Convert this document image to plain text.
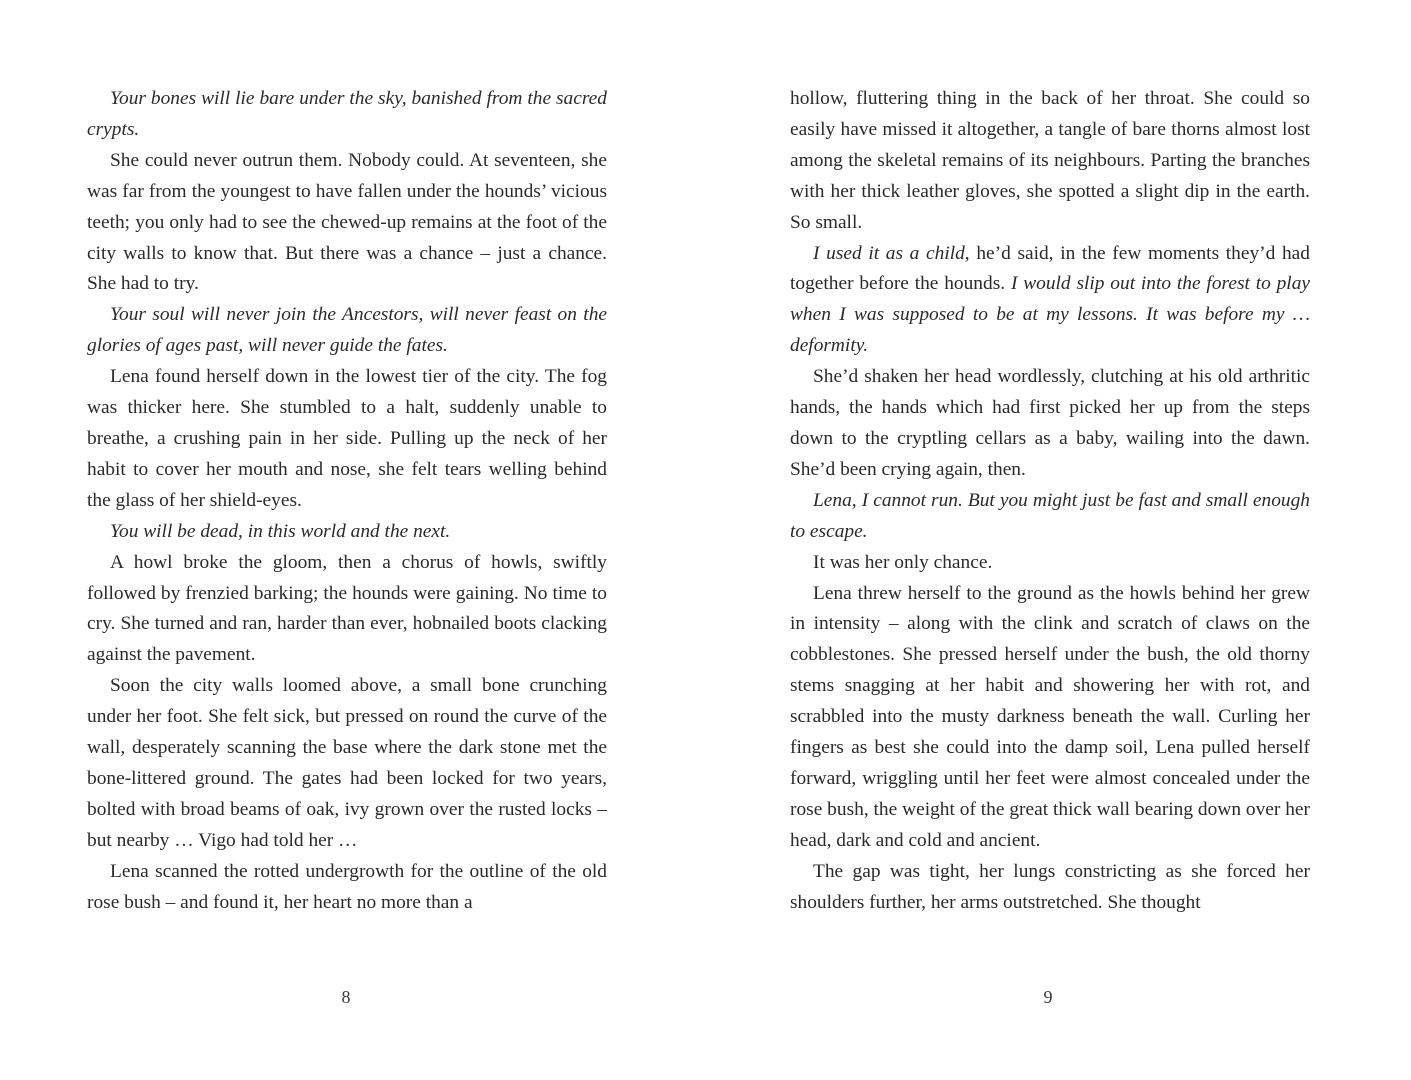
Your bones will lie bare under the sky, banished from the sacred crypts.

She could never outrun them. Nobody could. At seventeen, she was far from the youngest to have fallen under the hounds’ vicious teeth; you only had to see the chewed-up remains at the foot of the city walls to know that. But there was a chance – just a chance. She had to try.

Your soul will never join the Ancestors, will never feast on the glories of ages past, will never guide the fates.

Lena found herself down in the lowest tier of the city. The fog was thicker here. She stumbled to a halt, suddenly unable to breathe, a crushing pain in her side. Pulling up the neck of her habit to cover her mouth and nose, she felt tears welling behind the glass of her shield-eyes.

You will be dead, in this world and the next.

A howl broke the gloom, then a chorus of howls, swiftly followed by frenzied barking; the hounds were gaining. No time to cry. She turned and ran, harder than ever, hobnailed boots clacking against the pavement.

Soon the city walls loomed above, a small bone crunching under her foot. She felt sick, but pressed on round the curve of the wall, desperately scanning the base where the dark stone met the bone-littered ground. The gates had been locked for two years, bolted with broad beams of oak, ivy grown over the rusted locks – but nearby … Vigo had told her …

Lena scanned the rotted undergrowth for the outline of the old rose bush – and found it, her heart no more than a

8

hollow, fluttering thing in the back of her throat. She could so easily have missed it altogether, a tangle of bare thorns almost lost among the skeletal remains of its neighbours. Parting the branches with her thick leather gloves, she spotted a slight dip in the earth. So small.

I used it as a child, he’d said, in the few moments they’d had together before the hounds. I would slip out into the forest to play when I was supposed to be at my lessons. It was before my … deformity.

She’d shaken her head wordlessly, clutching at his old arthritic hands, the hands which had first picked her up from the steps down to the cryptling cellars as a baby, wailing into the dawn. She’d been crying again, then.

Lena, I cannot run. But you might just be fast and small enough to escape.

It was her only chance.

Lena threw herself to the ground as the howls behind her grew in intensity – along with the clink and scratch of claws on the cobblestones. She pressed herself under the bush, the old thorny stems snagging at her habit and showering her with rot, and scrabbled into the musty darkness beneath the wall. Curling her fingers as best she could into the damp soil, Lena pulled herself forward, wriggling until her feet were almost concealed under the rose bush, the weight of the great thick wall bearing down over her head, dark and cold and ancient.

The gap was tight, her lungs constricting as she forced her shoulders further, her arms outstretched. She thought

9
